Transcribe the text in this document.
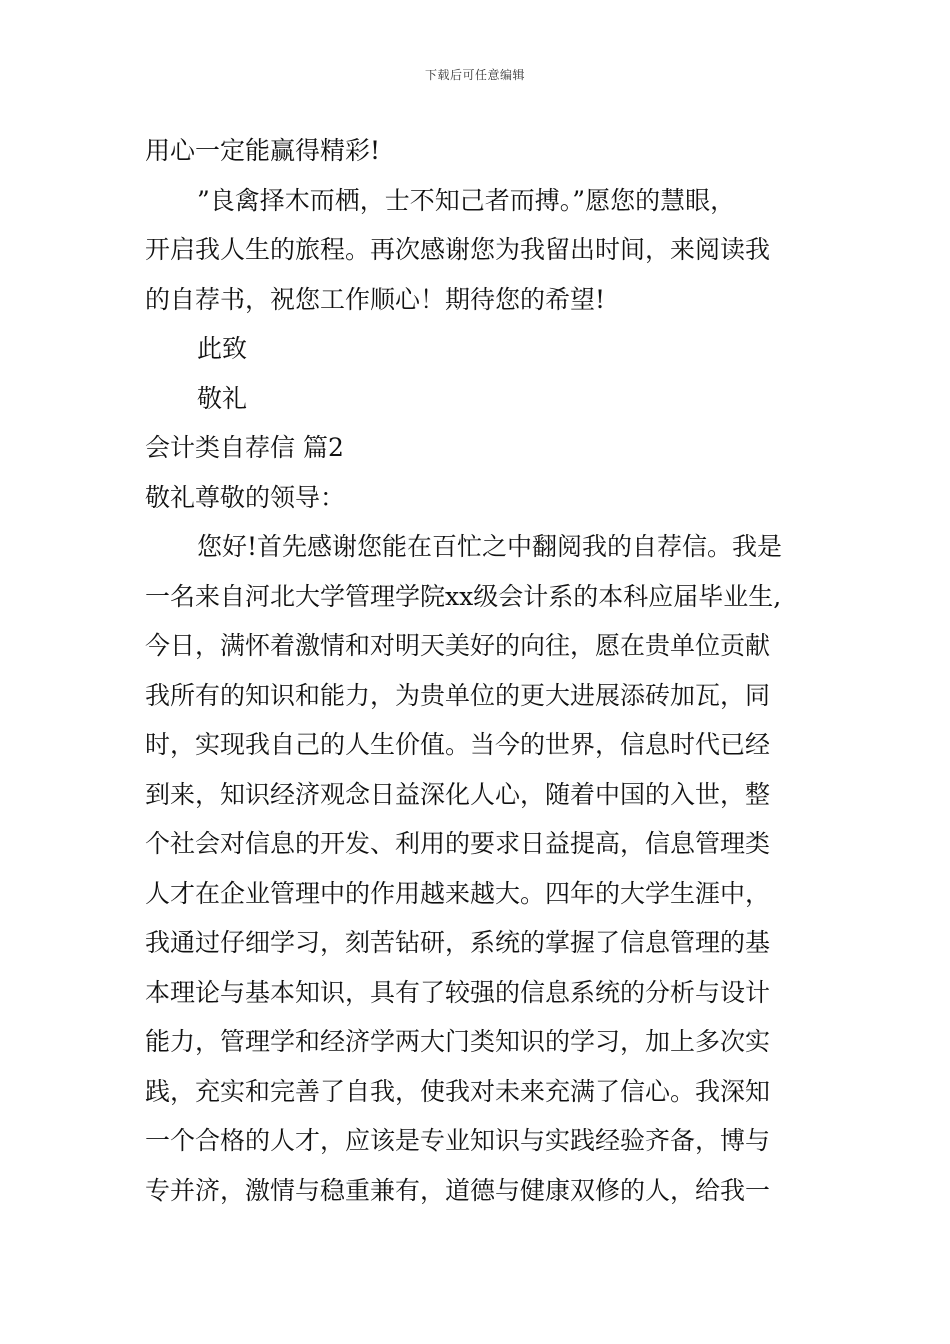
下载后可任意编辑

用心一定能赢得精彩!

”良禽择木而栖，士不知己者而搏。”愿您的慧眼，

开启我人生的旅程。再次感谢您为我留出时间，来阅读我

的自荐书，祝您工作顺心！期待您的希望!

此致

敬礼

会计类自荐信 篇2

敬礼尊敬的领导：

您好!首先感谢您能在百忙之中翻阅我的自荐信。我是

一名来自河北大学管理学院xx级会计系的本科应届毕业生,

今日，满怀着激情和对明天美好的向往，愿在贵单位贡献

我所有的知识和能力，为贵单位的更大进展添砖加瓦，同

时，实现我自己的人生价值。当今的世界，信息时代已经

到来，知识经济观念日益深化人心，随着中国的入世，整

个社会对信息的开发、利用的要求日益提高，信息管理类

人才在企业管理中的作用越来越大。四年的大学生涯中，

我通过仔细学习，刻苦钻研，系统的掌握了信息管理的基

本理论与基本知识，具有了较强的信息系统的分析与设计

能力，管理学和经济学两大门类知识的学习，加上多次实

践，充实和完善了自我，使我对未来充满了信心。我深知

一个合格的人才，应该是专业知识与实践经验齐备，博与

专并济，激情与稳重兼有，道德与健康双修的人，给我一
